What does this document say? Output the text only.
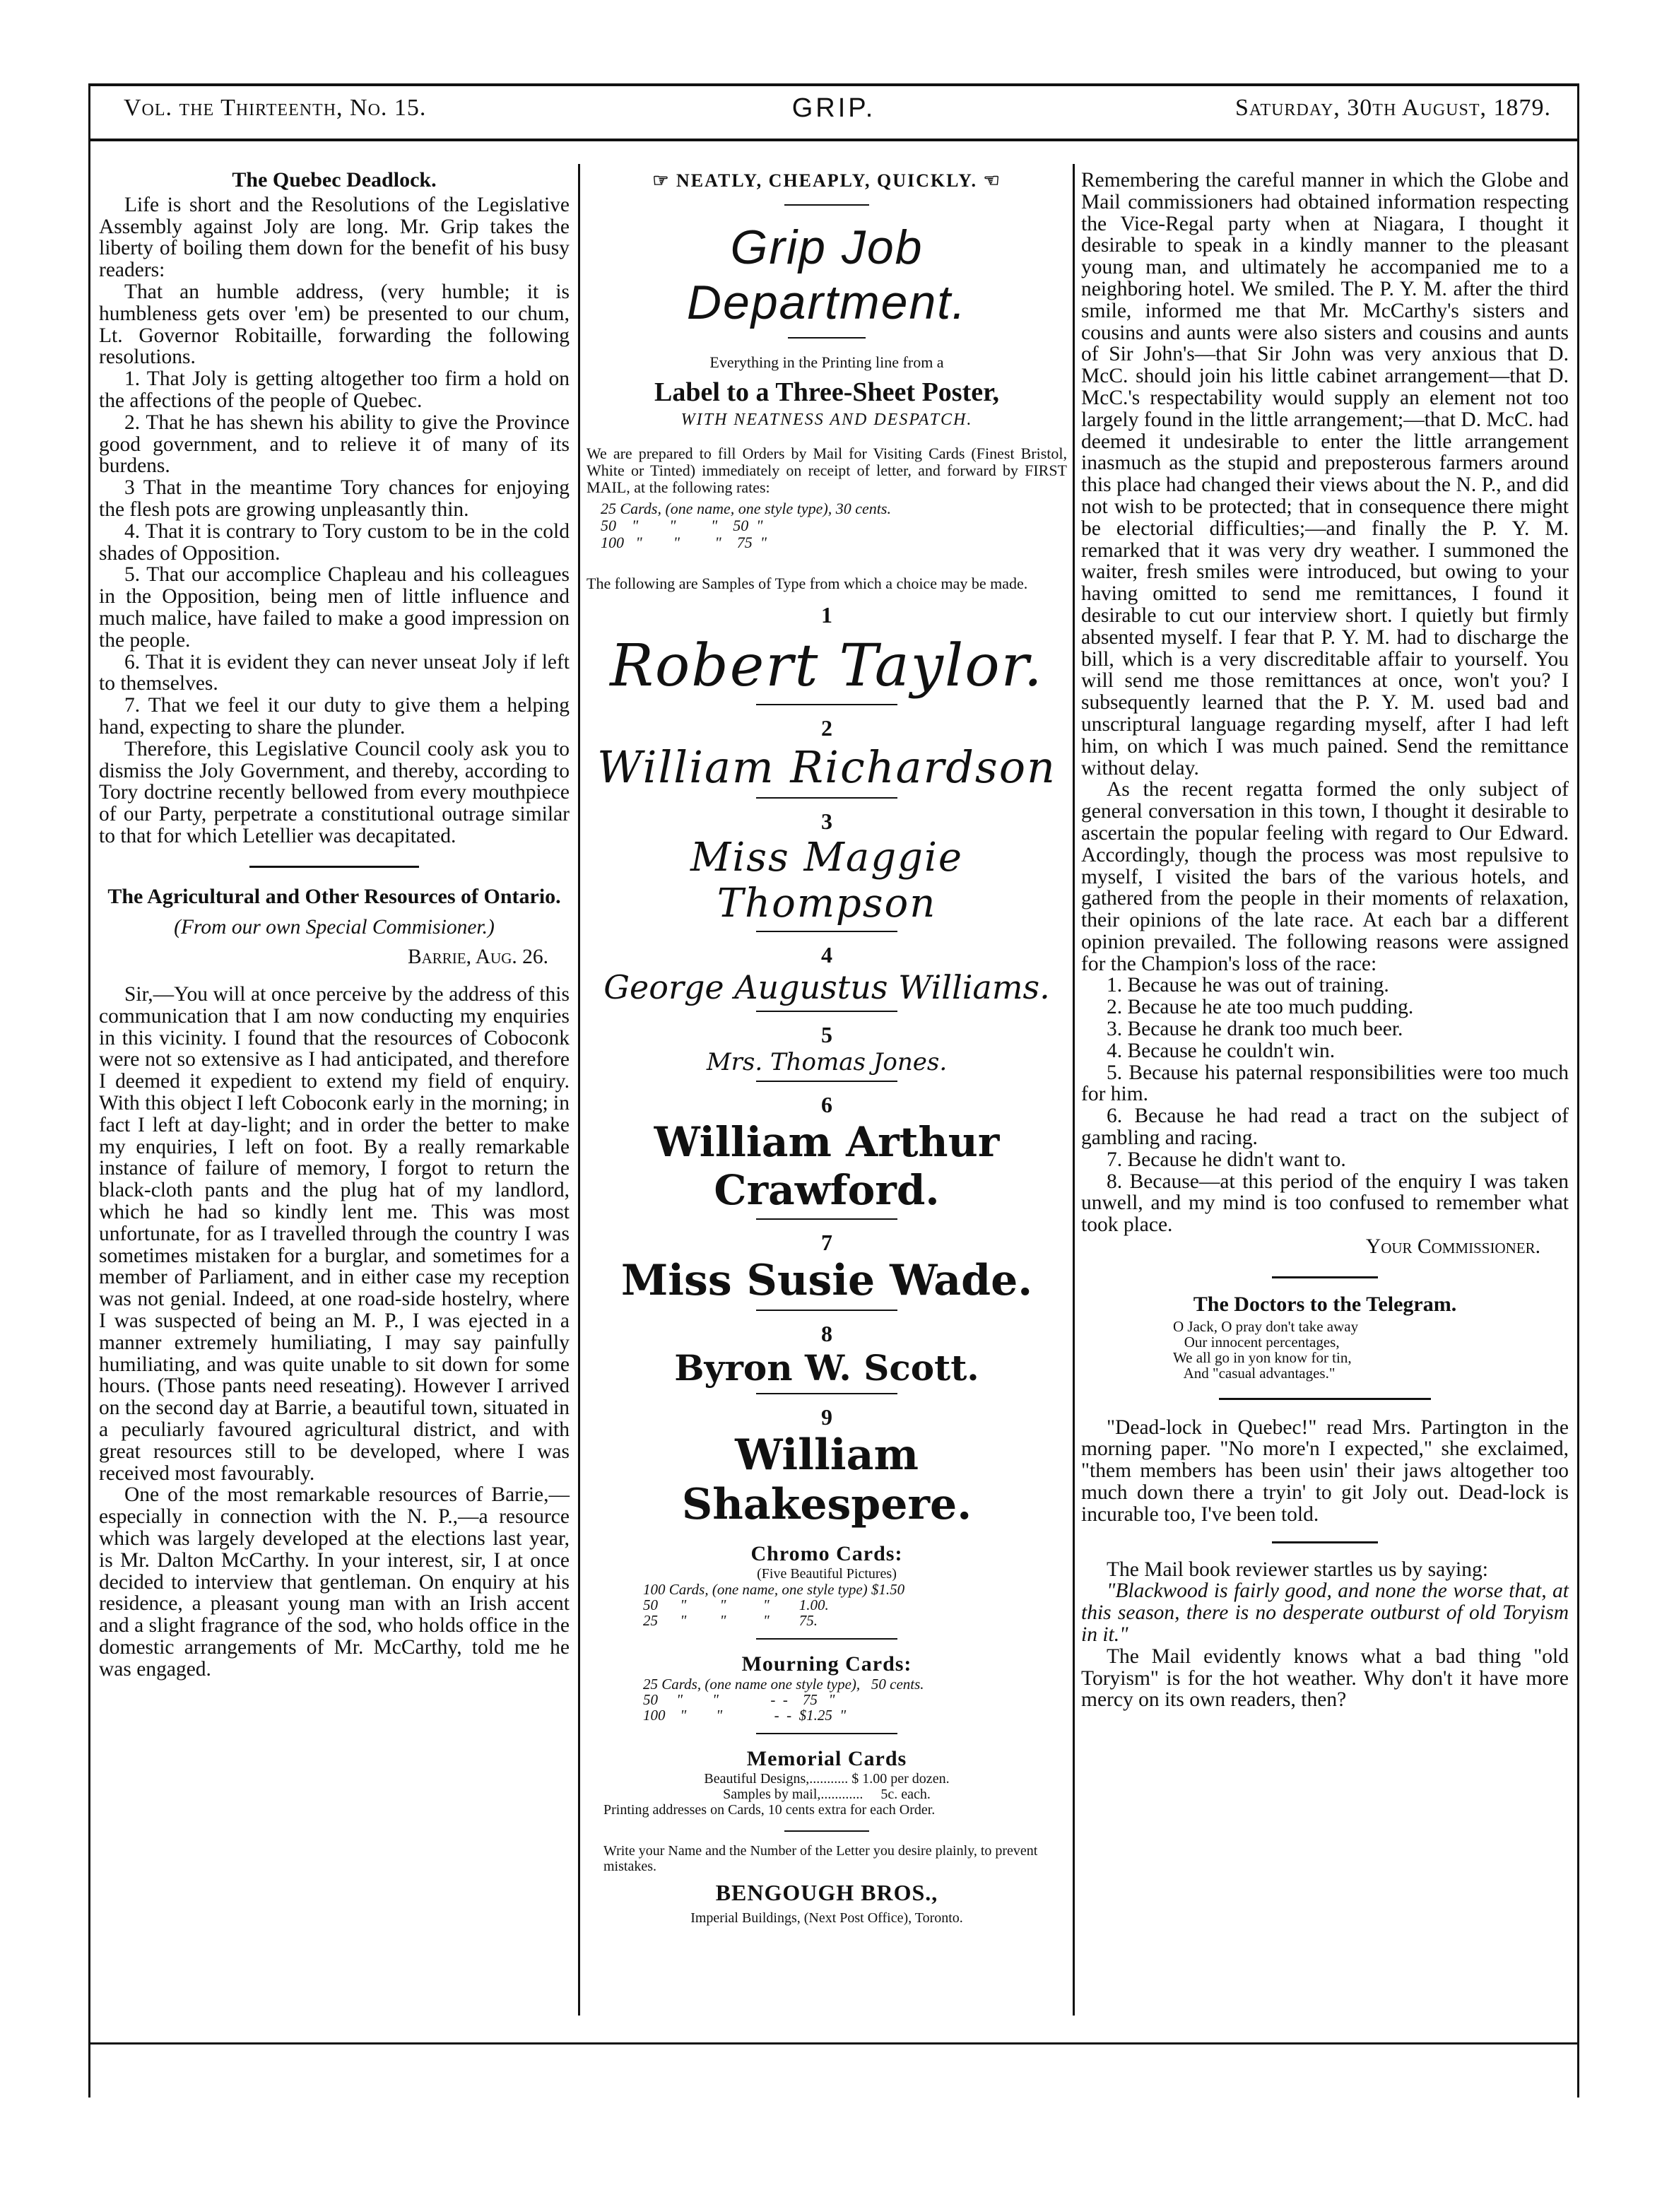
Vol. the Thirteenth, No. 15.	GRIP.	Saturday, 30th August, 1879.
The Quebec Deadlock.

Life is short and the Resolutions of the Legislative Assembly against Joly are long. Mr. Grip takes the liberty of boiling them down for the benefit of his busy readers:

That an humble address, (very humble; it is humbleness gets over 'em) be presented to our chum, Lt. Governor Robitaille, forwarding the following resolutions.

1. That Joly is getting altogether too firm a hold on the affections of the people of Quebec.

2. That he has shewn his ability to give the Province good government, and to relieve it of many of its burdens.

3 That in the meantime Tory chances for enjoying the flesh pots are growing unpleasantly thin.

4. That it is contrary to Tory custom to be in the cold shades of Opposition.

5. That our accomplice Chapleau and his colleagues in the Opposition, being men of little influence and much malice, have failed to make a good impression on the people.

6. That it is evident they can never unseat Joly if left to themselves.

7. That we feel it our duty to give them a helping hand, expecting to share the plunder.

Therefore, this Legislative Council cooly ask you to dismiss the Joly Government, and thereby, according to Tory doctrine recently bellowed from every mouthpiece of our Party, perpetrate a constitutional outrage similar to that for which Letellier was decapitated.

The Agricultural and Other Resources of Ontario.
(From our own Special Commisioner.)
Barrie, Aug. 26.

Sir,—You will at once perceive by the address of this communication that I am now conducting my enquiries in this vicinity. I found that the resources of Coboconk were not so extensive as I had anticipated, and therefore I deemed it expedient to extend my field of enquiry. With this object I left Coboconk early in the morning; in fact I left at day-light; and in order the better to make my enquiries, I left on foot. By a really remarkable instance of failure of memory, I forgot to return the black-cloth pants and the plug hat of my landlord, which he had so kindly lent me. This was most unfortunate, for as I travelled through the country I was sometimes mistaken for a burglar, and sometimes for a member of Parliament, and in either case my reception was not genial. Indeed, at one road-side hostelry, where I was suspected of being an M. P., I was ejected in a manner extremely humiliating, I may say painfully humiliating, and was quite unable to sit down for some hours. (Those pants need reseating). However I arrived on the second day at Barrie, a beautiful town, situated in a peculiarly favoured agricultural district, and with great resources still to be developed, where I was received most favourably.

One of the most remarkable resources of Barrie,—especially in connection with the N. P.,—a resource which was largely developed at the elections last year, is Mr. Dalton McCarthy. In your interest, sir, I at once decided to interview that gentleman. On enquiry at his residence, a pleasant young man with an Irish accent and a slight fragrance of the sod, who holds office in the domestic arrangements of Mr. McCarthy, told me he was engaged.

☞ NEATLY, CHEAPLY, QUICKLY. ☜
Grip Job Department.
Everything in the Printing line from a
Label to a Three-Sheet Poster,
WITH NEATNESS AND DESPATCH.
We are prepared to fill Orders by Mail for Visiting Cards (Finest Bristol, White or Tinted) immediately on receipt of letter, and forward by FIRST MAIL, at the following rates:
25 Cards, (one name, one style type), 30 cents.
50    "        "         "    50  "
100   "        "         "    75  "
The following are Samples of Type from which a choice may be made.
1
Robert Taylor.
2
William Richardson
3
Miss Maggie Thompson
4
George Augustus Williams.
5
Mrs. Thomas Jones.
6
William Arthur Crawford.
7
Miss Susie Wade.
8
Byron W. Scott.
9
William Shakespere.
Chromo Cards:
(Five Beautiful Pictures)
100 Cards, (one name, one style type) $1.50
50      "         "          "        1.00.
25      "         "          "        75.
Mourning Cards:
25 Cards, (one name one style type),   50 cents.
50     "        "              -  -    75   "
100    "        "              -  -  $1.25  "
Memorial Cards
Beautiful Designs,........... $ 1.00 per dozen.
Samples by mail,............     5c. each.
Printing addresses on Cards, 10 cents extra for each Order.
Write your Name and the Number of the Letter you desire plainly, to prevent mistakes.
BENGOUGH BROS.,
Imperial Buildings, (Next Post Office), Toronto.

Remembering the careful manner in which the Globe and Mail commissioners had obtained information respecting the Vice-Regal party when at Niagara, I thought it desirable to speak in a kindly manner to the pleasant young man, and ultimately he accompanied me to a neighboring hotel. We smiled. The P. Y. M. after the third smile, informed me that Mr. McCarthy's sisters and cousins and aunts were also sisters and cousins and aunts of Sir John's—that Sir John was very anxious that D. McC. should join his little cabinet arrangement—that D. McC.'s respectability would supply an element not too largely found in the little arrangement;—that D. McC. had deemed it undesirable to enter the little arrangement inasmuch as the stupid and preposterous farmers around this place had changed their views about the N. P., and did not wish to be protected; that in consequence there might be electorial difficulties;—and finally the P. Y. M. remarked that it was very dry weather. I summoned the waiter, fresh smiles were introduced, but owing to your having omitted to send me remittances, I found it desirable to cut our interview short. I quietly but firmly absented myself. I fear that P. Y. M. had to discharge the bill, which is a very discreditable affair to yourself. You will send me those remittances at once, won't you? I subsequently learned that the P. Y. M. used bad and unscriptural language regarding myself, after I had left him, on which I was much pained. Send the remittance without delay.

As the recent regatta formed the only subject of general conversation in this town, I thought it desirable to ascertain the popular feeling with regard to Our Edward. Accordingly, though the process was most repulsive to myself, I visited the bars of the various hotels, and gathered from the people in their moments of relaxation, their opinions of the late race. At each bar a different opinion prevailed. The following reasons were assigned for the Champion's loss of the race:

1. Because he was out of training.

2. Because he ate too much pudding.

3. Because he drank too much beer.

4. Because he couldn't win.

5. Because his paternal responsibilities were too much for him.

6. Because he had read a tract on the subject of gambling and racing.

7. Because he didn't want to.

8. Because—at this period of the enquiry I was taken unwell, and my mind is too confused to remember what took place.

Your Commissioner.
The Doctors to the Telegram.
O Jack, O pray don't take away
Our innocent percentages,
We all go in yon know for tin,
And "casual advantages."

"Dead-lock in Quebec!" read Mrs. Partington in the morning paper. "No more'n I expected," she exclaimed, "them members has been usin' their jaws altogether too much down there a tryin' to git Joly out. Dead-lock is incurable too, I've been told.

The Mail book reviewer startles us by saying:

"Blackwood is fairly good, and none the worse that, at this season, there is no desperate outburst of old Toryism in it."

The Mail evidently knows what a bad thing "old Toryism" is for the hot weather. Why don't it have more mercy on its own readers, then?
